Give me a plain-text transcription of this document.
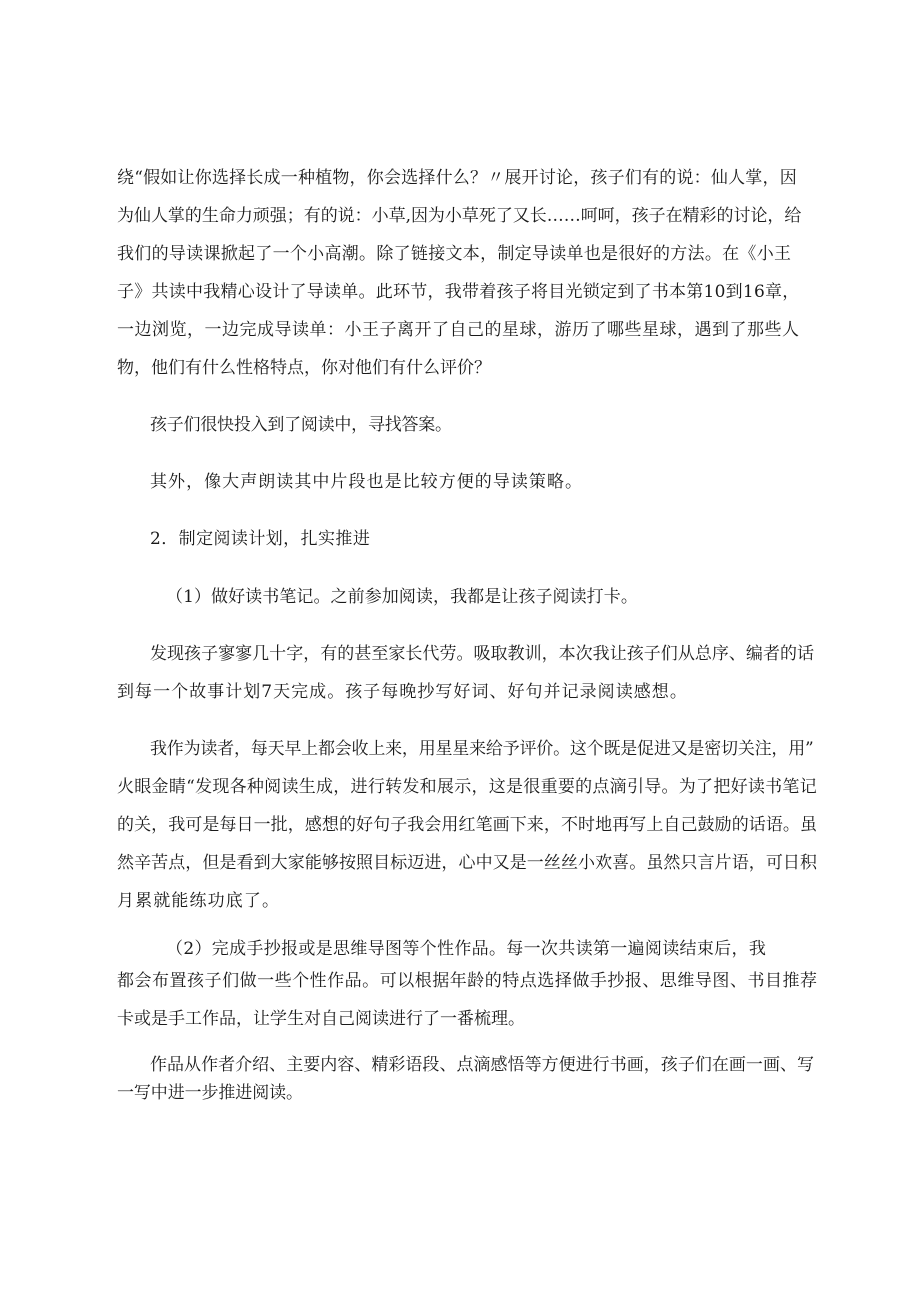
绕“假如让你选择长成一种植物，你会选择什么？〃展开讨论，孩子们有的说：仙人掌，因
为仙人掌的生命力顽强；有的说：小草,因为小草死了又长……呵呵，孩子在精彩的讨论，给
我们的导读课掀起了一个小高潮。除了链接文本，制定导读单也是很好的方法。在《小王
子》共读中我精心设计了导读单。此环节，我带着孩子将目光锁定到了书本第10到16章，
一边浏览，一边完成导读单：小王子离开了自己的星球，游历了哪些星球，遇到了那些人
物，他们有什么性格特点，你对他们有什么评价？
孩子们很快投入到了阅读中，寻找答案。
其外，像大声朗读其中片段也是比较方便的导读策略。
2．制定阅读计划，扎实推进
（1）做好读书笔记。之前参加阅读，我都是让孩子阅读打卡。
发现孩子寥寥几十字，有的甚至家长代劳。吸取教训，本次我让孩子们从总序、编者的话
到每一个故事计划7天完成。孩子每晚抄写好词、好句并记录阅读感想。
我作为读者，每天早上都会收上来，用星星来给予评价。这个既是促进又是密切关注，用”
火眼金睛“发现各种阅读生成，进行转发和展示，这是很重要的点滴引导。为了把好读书笔记
的关，我可是每日一批，感想的好句子我会用红笔画下来，不时地再写上自己鼓励的话语。虽
然辛苦点，但是看到大家能够按照目标迈进，心中又是一丝丝小欢喜。虽然只言片语，可日积
月累就能练功底了。
（2）完成手抄报或是思维导图等个性作品。每一次共读第一遍阅读结束后，我
都会布置孩子们做一些个性作品。可以根据年龄的特点选择做手抄报、思维导图、书目推荐
卡或是手工作品，让学生对自己阅读进行了一番梳理。
作品从作者介绍、主要内容、精彩语段、点滴感悟等方便进行书画，孩子们在画一画、写
一写中进一步推进阅读。
